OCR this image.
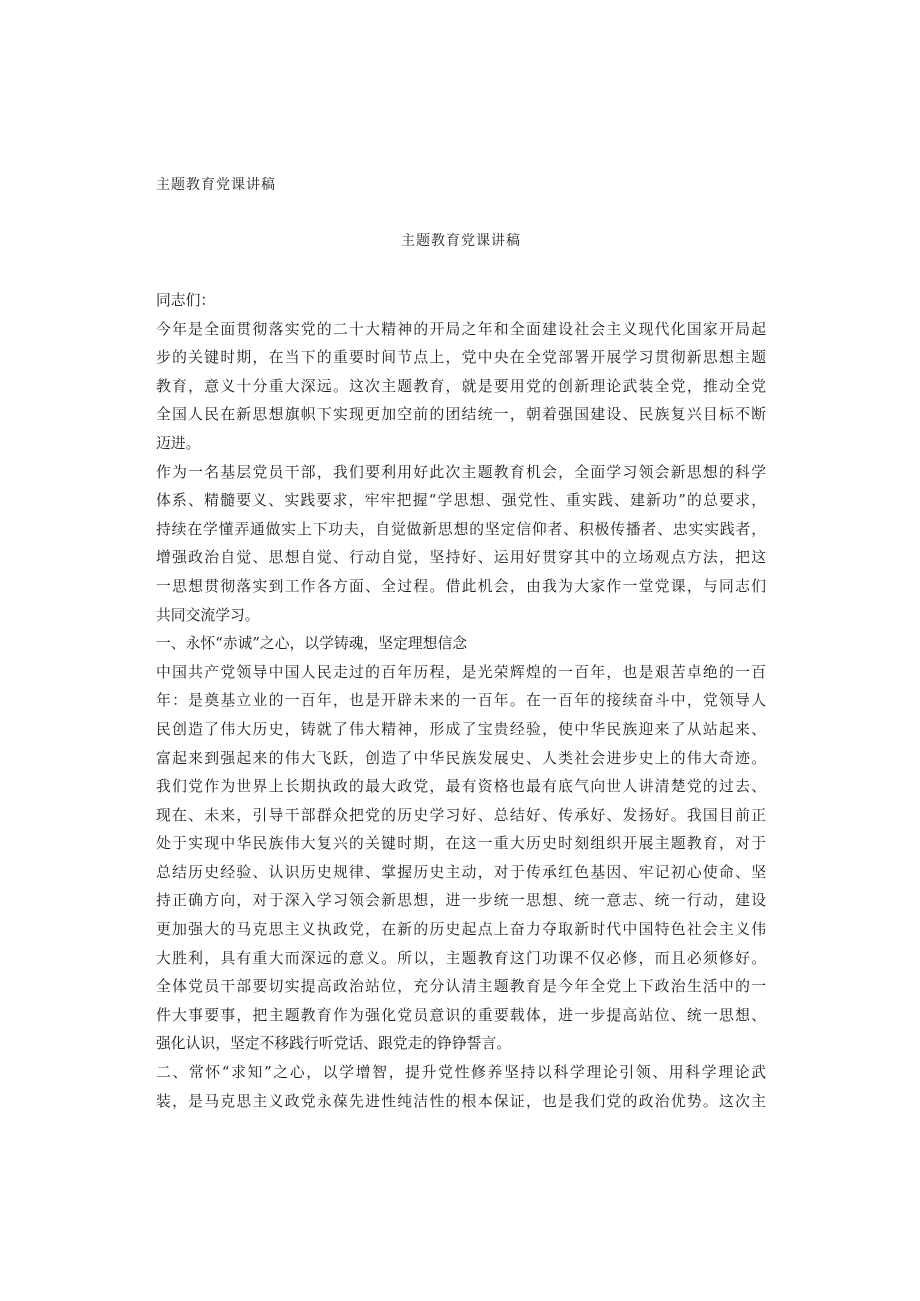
主题教育党课讲稿
主题教育党课讲稿
同志们：
今年是全面贯彻落实党的二十大精神的开局之年和全面建设社会主义现代化国家开局起
步的关键时期，在当下的重要时间节点上，党中央在全党部署开展学习贯彻新思想主题
教育，意义十分重大深远。这次主题教育，就是要用党的创新理论武装全党，推动全党
全国人民在新思想旗帜下实现更加空前的团结统一，朝着强国建设、民族复兴目标不断
迈进。
作为一名基层党员干部，我们要利用好此次主题教育机会，全面学习领会新思想的科学
体系、精髓要义、实践要求，牢牢把握“学思想、强党性、重实践、建新功”的总要求，
持续在学懂弄通做实上下功夫，自觉做新思想的坚定信仰者、积极传播者、忠实实践者，
增强政治自觉、思想自觉、行动自觉，坚持好、运用好贯穿其中的立场观点方法，把这
一思想贯彻落实到工作各方面、全过程。借此机会，由我为大家作一堂党课，与同志们
共同交流学习。
一、永怀“赤诚”之心，以学铸魂，坚定理想信念
中国共产党领导中国人民走过的百年历程，是光荣辉煌的一百年，也是艰苦卓绝的一百
年：是奠基立业的一百年，也是开辟未来的一百年。在一百年的接续奋斗中，党领导人
民创造了伟大历史，铸就了伟大精神，形成了宝贵经验，使中华民族迎来了从站起来、
富起来到强起来的伟大飞跃，创造了中华民族发展史、人类社会进步史上的伟大奇迹。
我们党作为世界上长期执政的最大政党，最有资格也最有底气向世人讲清楚党的过去、
现在、未来，引导干部群众把党的历史学习好、总结好、传承好、发扬好。我国目前正
处于实现中华民族伟大复兴的关键时期，在这一重大历史时刻组织开展主题教育，对于
总结历史经验、认识历史规律、掌握历史主动，对于传承红色基因、牢记初心使命、坚
持正确方向，对于深入学习领会新思想，进一步统一思想、统一意志、统一行动，建设
更加强大的马克思主义执政党，在新的历史起点上奋力夺取新时代中国特色社会主义伟
大胜利，具有重大而深远的意义。所以，主题教育这门功课不仅必修，而且必须修好。
全体党员干部要切实提高政治站位，充分认清主题教育是今年全党上下政治生活中的一
件大事要事，把主题教育作为强化党员意识的重要载体，进一步提高站位、统一思想、
强化认识，坚定不移践行听党话、跟党走的铮铮誓言。
二、常怀“求知”之心，以学增智，提升党性修养坚持以科学理论引领、用科学理论武
装，是马克思主义政党永葆先进性纯洁性的根本保证，也是我们党的政治优势。这次主
